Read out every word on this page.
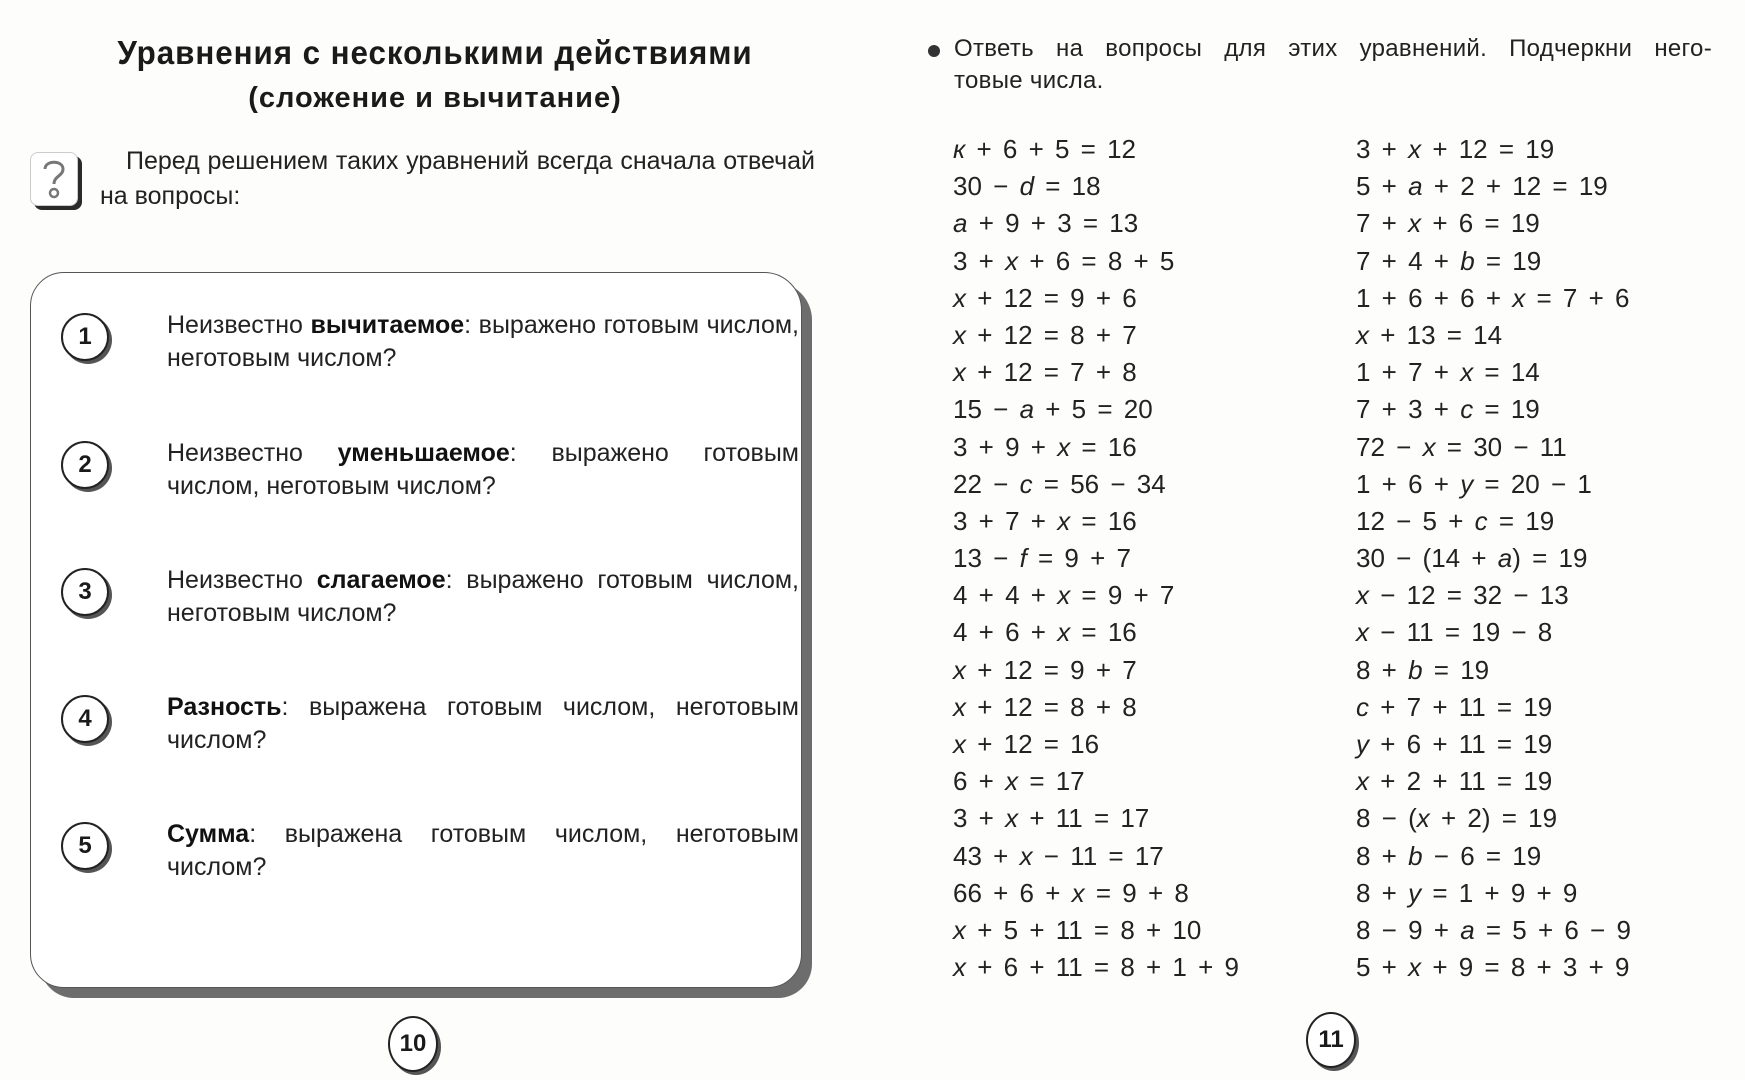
Уравнения с несколькими действиями
(сложение и вычитание)
Перед решением таких уравнений всегда сначала отвечай на вопросы:
1	Неизвестно вычитаемое: выражено готовым числом, неготовым числом?
2	Неизвестно уменьшаемое: выражено готовым числом, неготовым числом?
3	Неизвестно слагаемое: выражено готовым числом, неготовым числом?
4	Разность: выражена готовым числом, неготовым числом?
5	Сумма: выражена готовым числом, неготовым числом?
10
Ответь на вопросы для этих уравнений. Подчеркни него-
товые числа.
к + 6 + 5 = 12
30 − d = 18
a + 9 + 3 = 13
3 + x + 6 = 8 + 5
x + 12 = 9 + 6
x + 12 = 8 + 7
x + 12 = 7 + 8
15 − a + 5 = 20
3 + 9 + x = 16
22 − c = 56 − 34
3 + 7 + x = 16
13 − f = 9 + 7
4 + 4 + x = 9 + 7
4 + 6 + x = 16
x + 12 = 9 + 7
x + 12 = 8 + 8
x + 12 = 16
6 + x = 17
3 + x + 11 = 17
43 + x − 11 = 17
66 + 6 + x = 9 + 8
x + 5 + 11 = 8 + 10
x + 6 + 11 = 8 + 1 + 9
3 + x + 12 = 19
5 + a + 2 + 12 = 19
7 + x + 6 = 19
7 + 4 + b = 19
1 + 6 + 6 + x = 7 + 6
x + 13 = 14
1 + 7 + x = 14
7 + 3 + c = 19
72 − x = 30 − 11
1 + 6 + y = 20 − 1
12 − 5 + c = 19
30 − (14 + a) = 19
x − 12 = 32 − 13
x − 11 = 19 − 8
8 + b = 19
c + 7 + 11 = 19
y + 6 + 11 = 19
x + 2 + 11 = 19
8 − (x + 2) = 19
8 + b − 6 = 19
8 + y = 1 + 9 + 9
8 − 9 + a = 5 + 6 − 9
5 + x + 9 = 8 + 3 + 9
11
